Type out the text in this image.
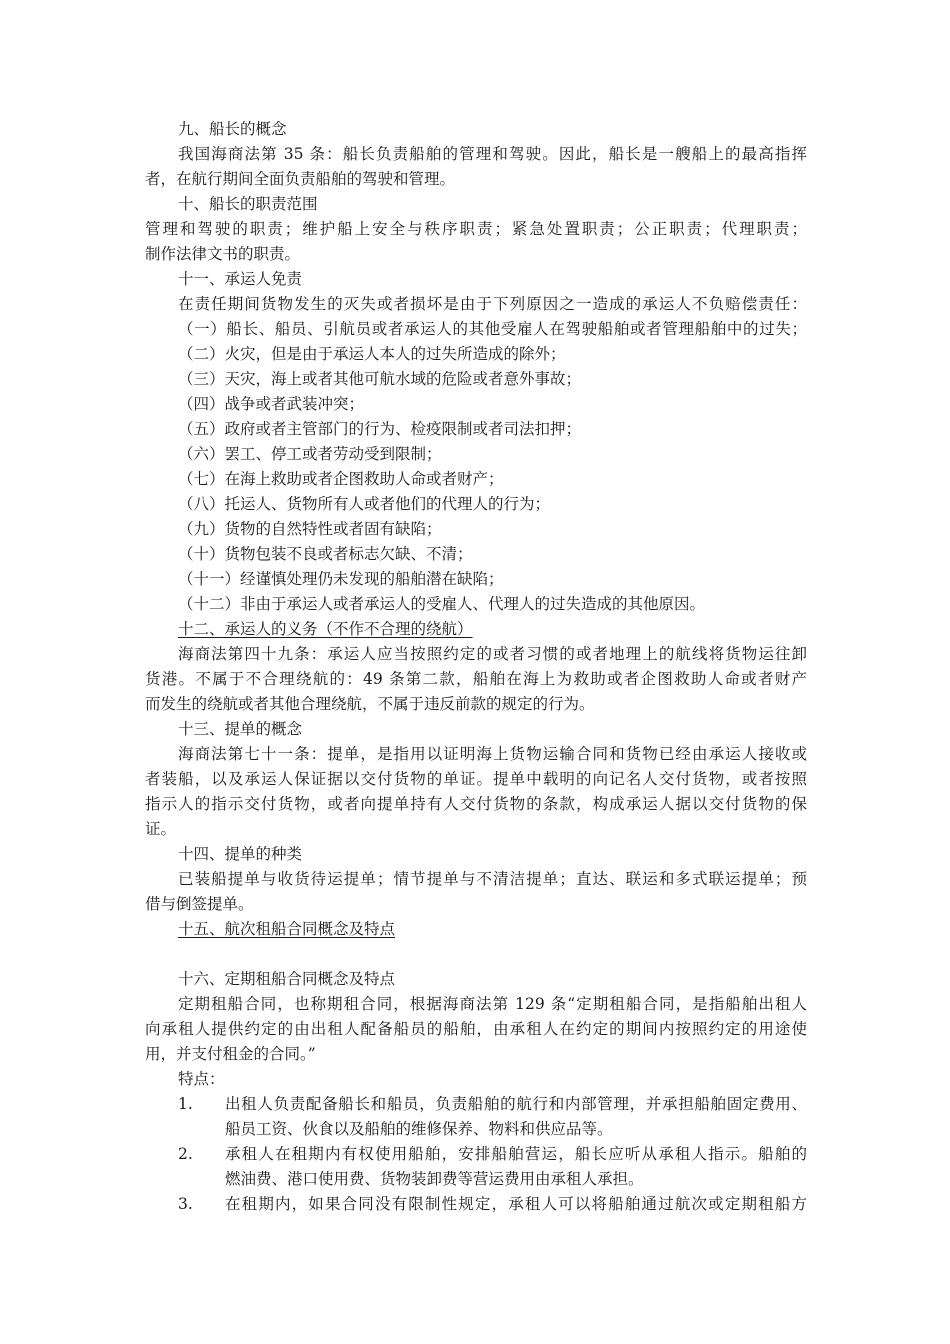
九、船长的概念
我国海商法第 35 条：船长负责船舶的管理和驾驶。因此，船长是一艘船上的最高指挥
者，在航行期间全面负责船舶的驾驶和管理。
十、船长的职责范围
管理和驾驶的职责；维护船上安全与秩序职责；紧急处置职责；公正职责；代理职责；
制作法律文书的职责。
十一、承运人免责
在责任期间货物发生的灭失或者损坏是由于下列原因之一造成的承运人不负赔偿责任：
（一）船长、船员、引航员或者承运人的其他受雇人在驾驶船舶或者管理船舶中的过失；
（二）火灾，但是由于承运人本人的过失所造成的除外；
（三）天灾，海上或者其他可航水域的危险或者意外事故；
（四）战争或者武装冲突；
（五）政府或者主管部门的行为、检疫限制或者司法扣押；
（六）罢工、停工或者劳动受到限制；
（七）在海上救助或者企图救助人命或者财产；
（八）托运人、货物所有人或者他们的代理人的行为；
（九）货物的自然特性或者固有缺陷；
（十）货物包装不良或者标志欠缺、不清；
（十一）经谨慎处理仍未发现的船舶潜在缺陷；
（十二）非由于承运人或者承运人的受雇人、代理人的过失造成的其他原因。
十二、承运人的义务（不作不合理的绕航）
海商法第四十九条：承运人应当按照约定的或者习惯的或者地理上的航线将货物运往卸
货港。不属于不合理绕航的：49 条第二款，船舶在海上为救助或者企图救助人命或者财产
而发生的绕航或者其他合理绕航，不属于违反前款的规定的行为。
十三、提单的概念
海商法第七十一条：提单，是指用以证明海上货物运输合同和货物已经由承运人接收或
者装船，以及承运人保证据以交付货物的单证。提单中载明的向记名人交付货物，或者按照
指示人的指示交付货物，或者向提单持有人交付货物的条款，构成承运人据以交付货物的保
证。
十四、提单的种类
已装船提单与收货待运提单；情节提单与不清洁提单；直达、联运和多式联运提单；预
借与倒签提单。
十五、航次租船合同概念及特点
十六、定期租船合同概念及特点
定期租船合同，也称期租合同，根据海商法第 129 条“定期租船合同，是指船舶出租人
向承租人提供约定的由出租人配备船员的船舶，由承租人在约定的期间内按照约定的用途使
用，并支付租金的合同。”
特点：
1. 出租人负责配备船长和船员，负责船舶的航行和内部管理，并承担船舶固定费用、
船员工资、伙食以及船舶的维修保养、物料和供应品等。
2. 承租人在租期内有权使用船舶，安排船舶营运，船长应听从承租人指示。船舶的
燃油费、港口使用费、货物装卸费等营运费用由承租人承担。
3. 在租期内，如果合同没有限制性规定，承租人可以将船舶通过航次或定期租船方
